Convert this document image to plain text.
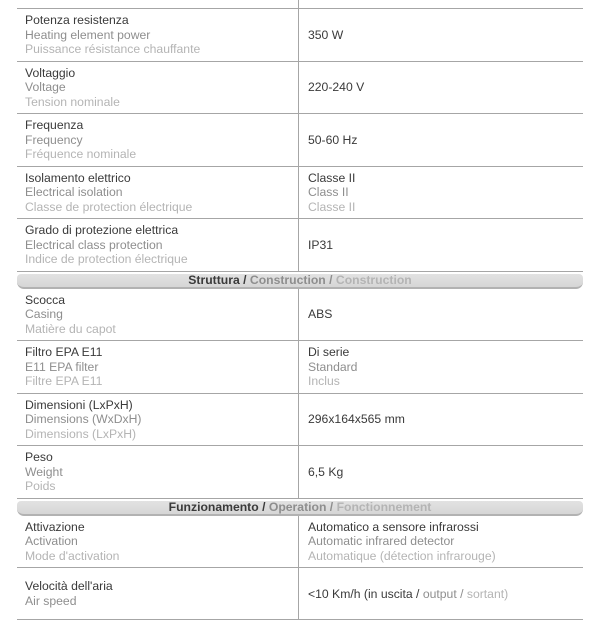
Potenza resistenza
Heating element power
Puissance résistance chauffante
350 W
Voltaggio
Voltage
Tension nominale
220-240 V
Frequenza
Frequency
Fréquence nominale
50-60 Hz
Isolamento elettrico
Electrical isolation
Classe de protection électrique
Classe II
Class II
Classe II
Grado di protezione elettrica
Electrical class protection
Indice de protection électrique
IP31
Struttura / Construction / Construction
Scocca
Casing
Matière du capot
ABS
Filtro EPA E11
E11 EPA filter
Filtre EPA E11
Di serie
Standard
Inclus
Dimensioni (LxPxH)
Dimensions (WxDxH)
Dimensions (LxPxH)
296x164x565 mm
Peso
Weight
Poids
6,5 Kg
Funzionamento / Operation / Fonctionnement
Attivazione
Activation
Mode d'activation
Automatico a sensore infrarossi
Automatic infrared detector
Automatique (détection infrarouge)
Velocità dell'aria
Air speed	<10 Km/h (in uscita / output / sortant)
